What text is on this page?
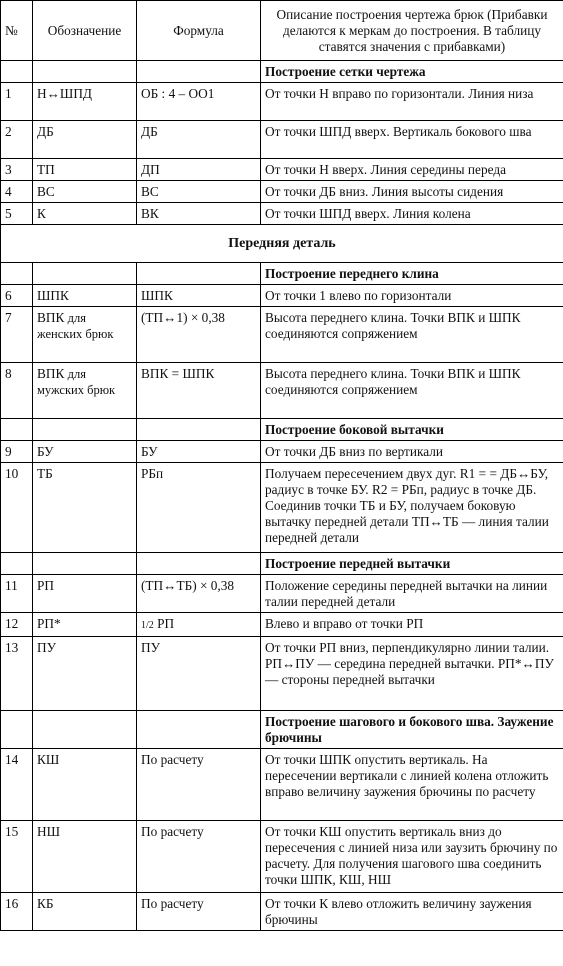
№	Обозначение	Формула	Описание построения чертежа брюк (Прибавки делаются к меркам до построения. В таблицу ставятся значения с прибавками)
			Построение сетки чертежа
1	Н↔ШПД	ОБ : 4 – ОО1	От точки Н вправо по горизонтали. Линия низа
2	ДБ	ДБ	От точки ШПД вверх. Вертикаль бокового шва
3	ТП	ДП	От точки Н вверх. Линия середины переда
4	ВС	ВС	От точки ДБ вниз. Линия высоты сидения
5	К	ВК	От точки ШПД вверх. Линия колена
Передняя деталь			
			Построение переднего клина
6	ШПК	ШПК	От точки 1 влево по горизонтали
7	ВПК для женских брюк	(ТП↔1) × 0,38	Высота переднего клина. Точки ВПК и ШПК соединяются сопряжением
8	ВПК для мужских брюк	ВПК = ШПК	Высота переднего клина. Точки ВПК и ШПК соединяются сопряжением
			Построение боковой вытачки
9	БУ	БУ	От точки ДБ вниз по вертикали
10	ТБ	РБп	Получаем пересечением двух дуг. R1 = = ДБ↔БУ, радиус в точке БУ. R2 = РБп, радиус в точке ДБ. Соединив точки ТБ и БУ, получаем боковую вытачку передней детали ТП↔ТБ — линия талии передней детали
			Построение передней вытачки
11	РП	(ТП↔ТБ) × 0,38	Положение середины передней вытачки на линии талии передней детали
12	РП*	1/2 РП	Влево и вправо от точки РП
13	ПУ	ПУ	От точки РП вниз, перпендикулярно линии талии. РП↔ПУ — середина передней вытачки. РП*↔ПУ — стороны передней вытачки
			Построение шагового и бокового шва. Заужение брючины
14	КШ	По расчету	От точки ШПК опустить вертикаль. На пересечении вертикали с линией колена отложить вправо величину заужения брючины по расчету
15	НШ	По расчету	От точки КШ опустить вертикаль вниз до пересечения с линией низа или заузить брючину по расчету. Для получения шагового шва соединить точки ШПК, КШ, НШ
16	КБ	По расчету	От точки К влево отложить величину заужения брючины
